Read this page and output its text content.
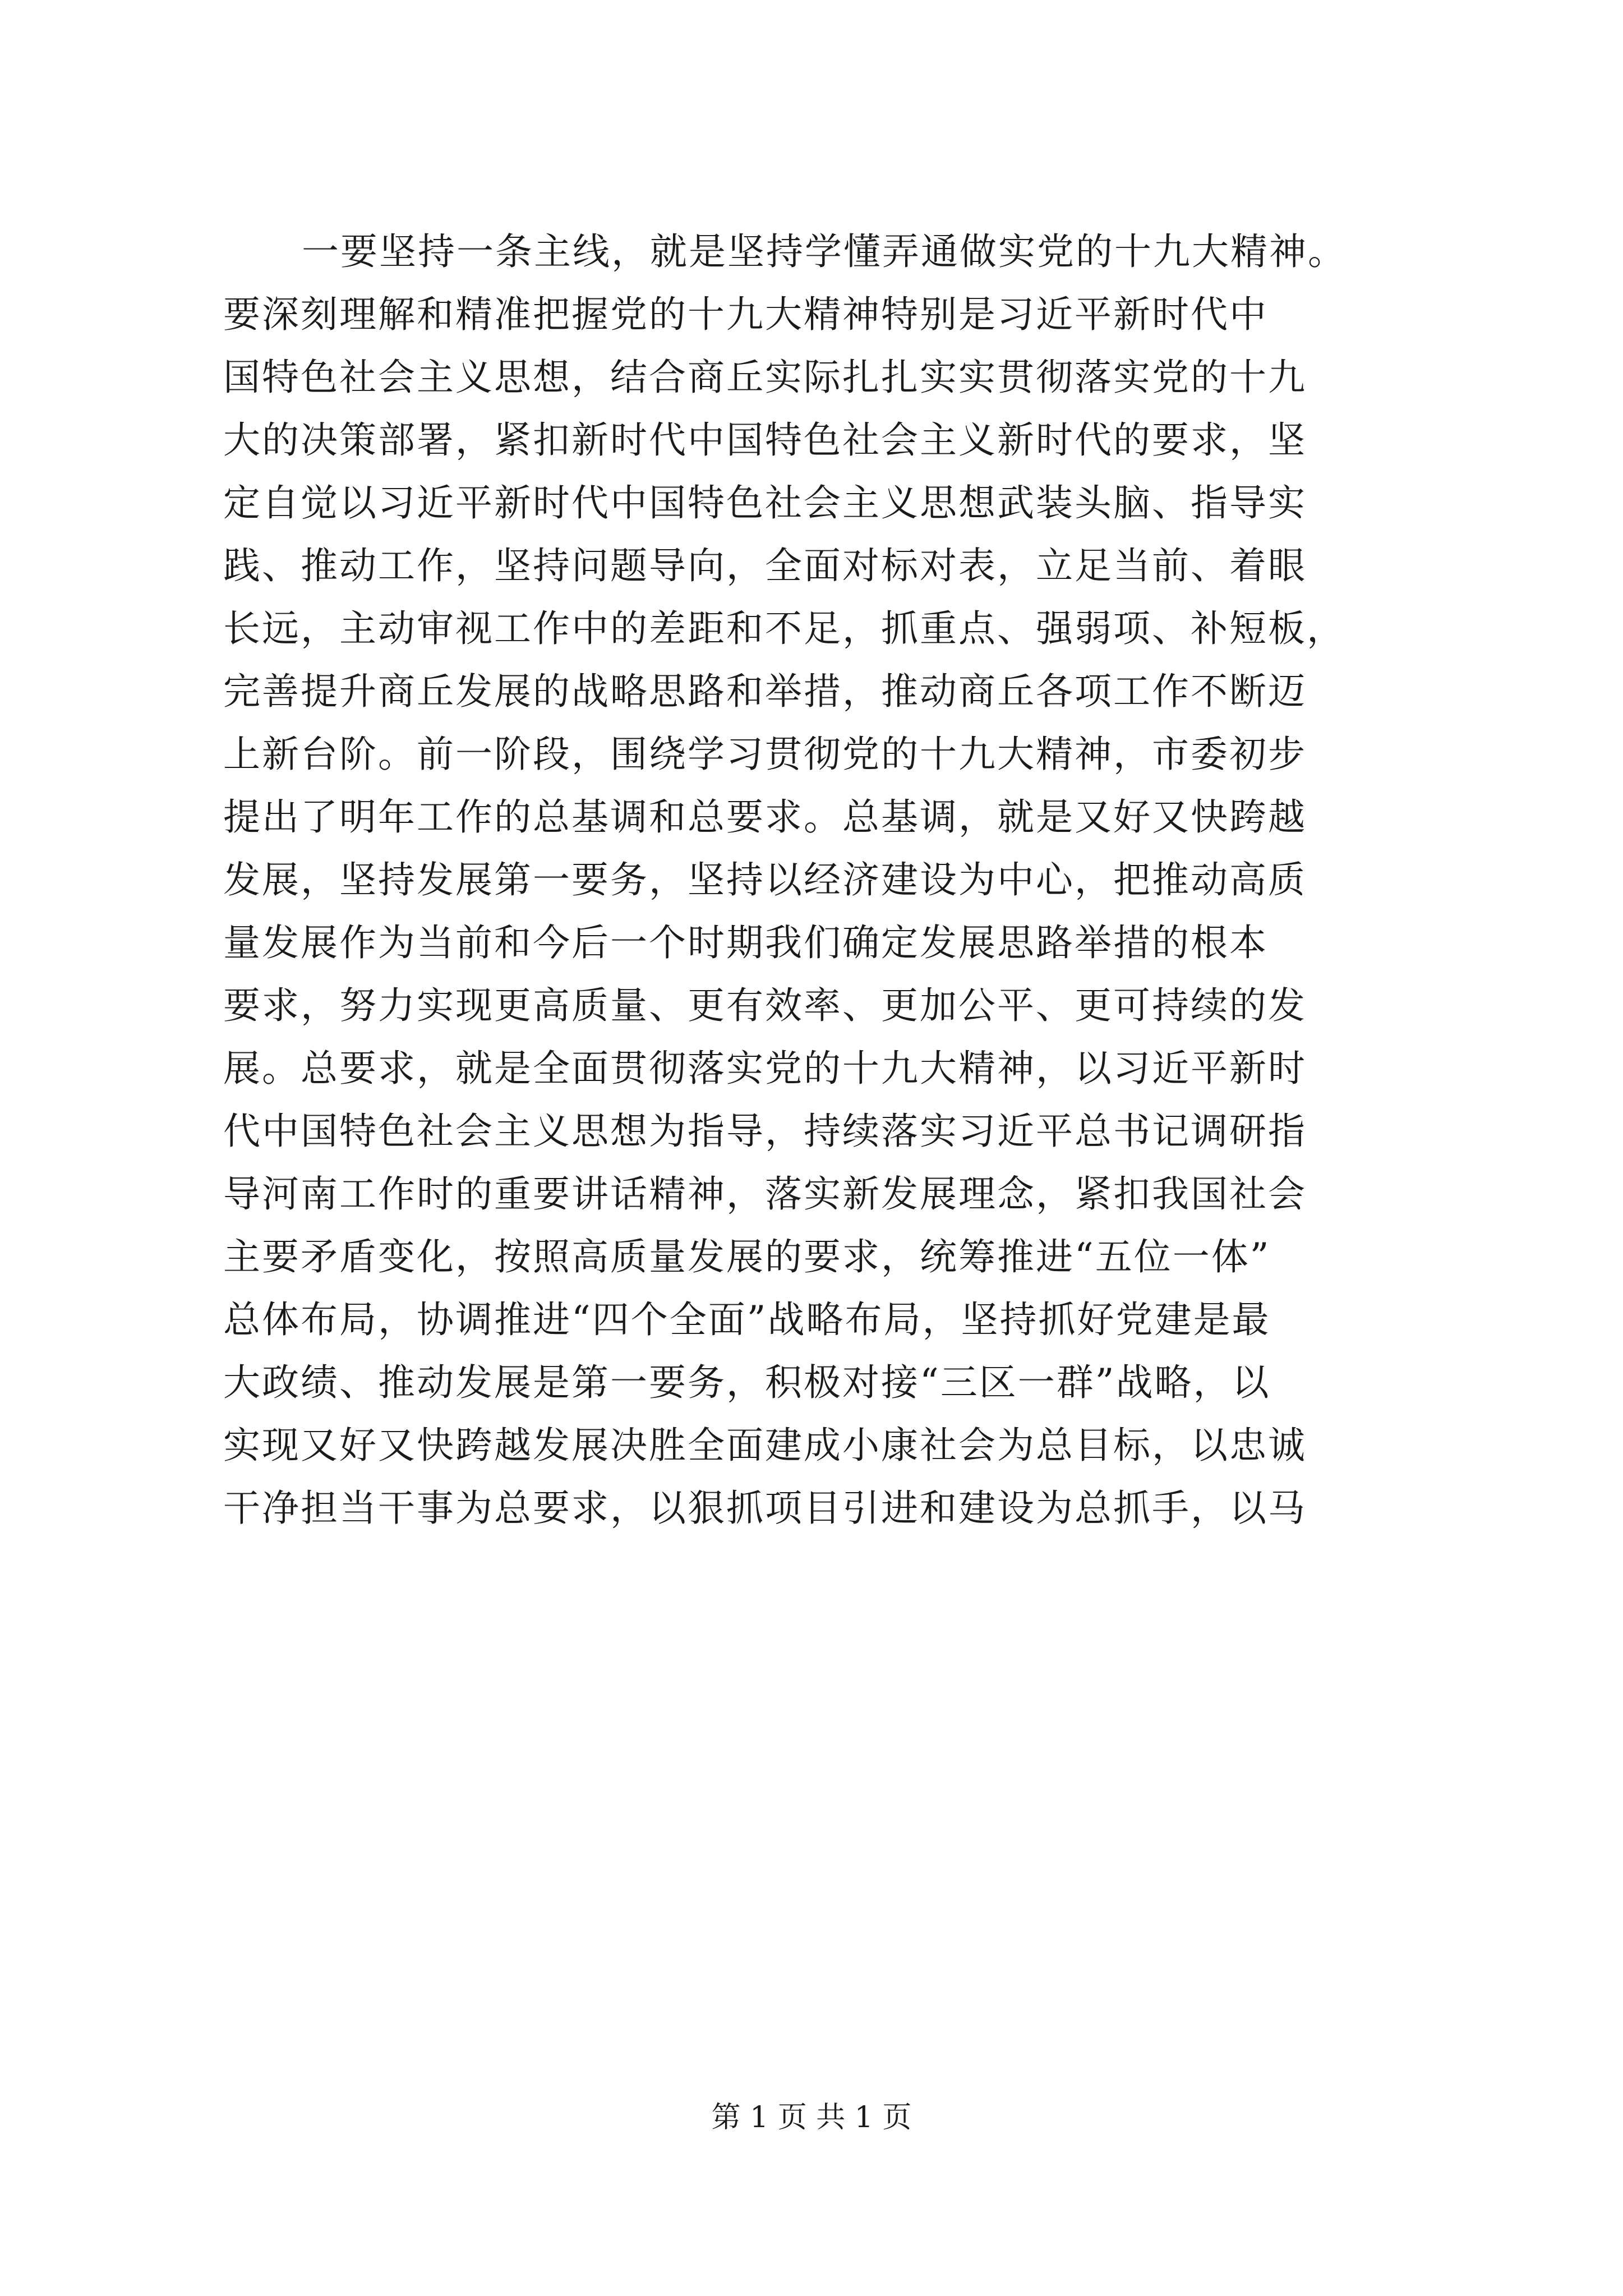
一要坚持一条主线，就是坚持学懂弄通做实党的十九大精神。
要深刻理解和精准把握党的十九大精神特别是习近平新时代中
国特色社会主义思想，结合商丘实际扎扎实实贯彻落实党的十九
大的决策部署，紧扣新时代中国特色社会主义新时代的要求，坚
定自觉以习近平新时代中国特色社会主义思想武装头脑、指导实
践、推动工作，坚持问题导向，全面对标对表，立足当前、着眼
长远，主动审视工作中的差距和不足，抓重点、强弱项、补短板，
完善提升商丘发展的战略思路和举措，推动商丘各项工作不断迈
上新台阶。前一阶段，围绕学习贯彻党的十九大精神，市委初步
提出了明年工作的总基调和总要求。总基调，就是又好又快跨越
发展，坚持发展第一要务，坚持以经济建设为中心，把推动高质
量发展作为当前和今后一个时期我们确定发展思路举措的根本
要求，努力实现更高质量、更有效率、更加公平、更可持续的发
展。总要求，就是全面贯彻落实党的十九大精神，以习近平新时
代中国特色社会主义思想为指导，持续落实习近平总书记调研指
导河南工作时的重要讲话精神，落实新发展理念，紧扣我国社会
主要矛盾变化，按照高质量发展的要求，统筹推进“五位一体”
总体布局，协调推进“四个全面”战略布局，坚持抓好党建是最
大政绩、推动发展是第一要务，积极对接“三区一群”战略，以
实现又好又快跨越发展决胜全面建成小康社会为总目标，以忠诚
干净担当干事为总要求，以狠抓项目引进和建设为总抓手，以马
第 1 页 共 1 页
